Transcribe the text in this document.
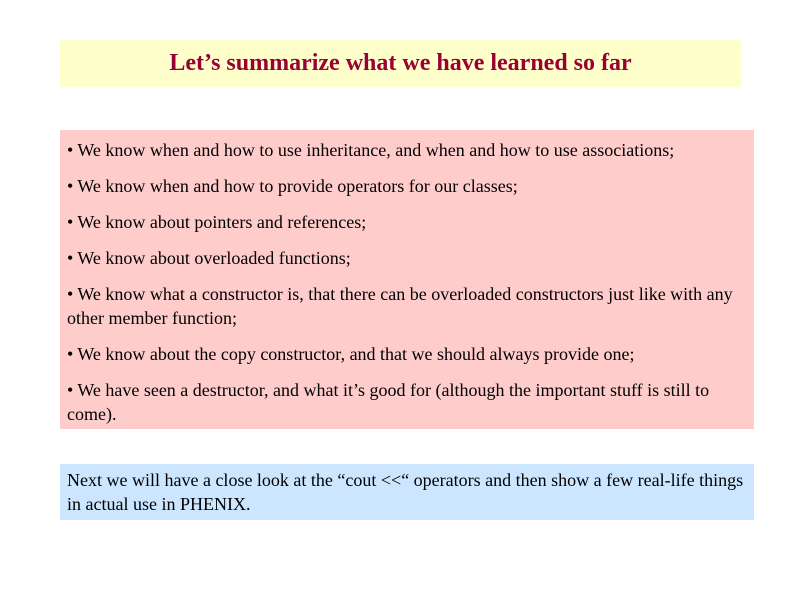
Let’s summarize what we have learned so far
• We know when and how to use inheritance, and when and how to use associations;
• We know when and how to provide operators for our classes;
• We know about pointers and references;
• We know about overloaded functions;
• We know what a constructor is, that there can be overloaded constructors just like with any other member function;
• We know about the copy constructor, and that we should always provide one;
• We have seen a destructor, and what it’s good for (although the important stuff is still to come).
Next we will have a close look at the “cout <<“ operators and then show a few real-life things in actual use in PHENIX.
